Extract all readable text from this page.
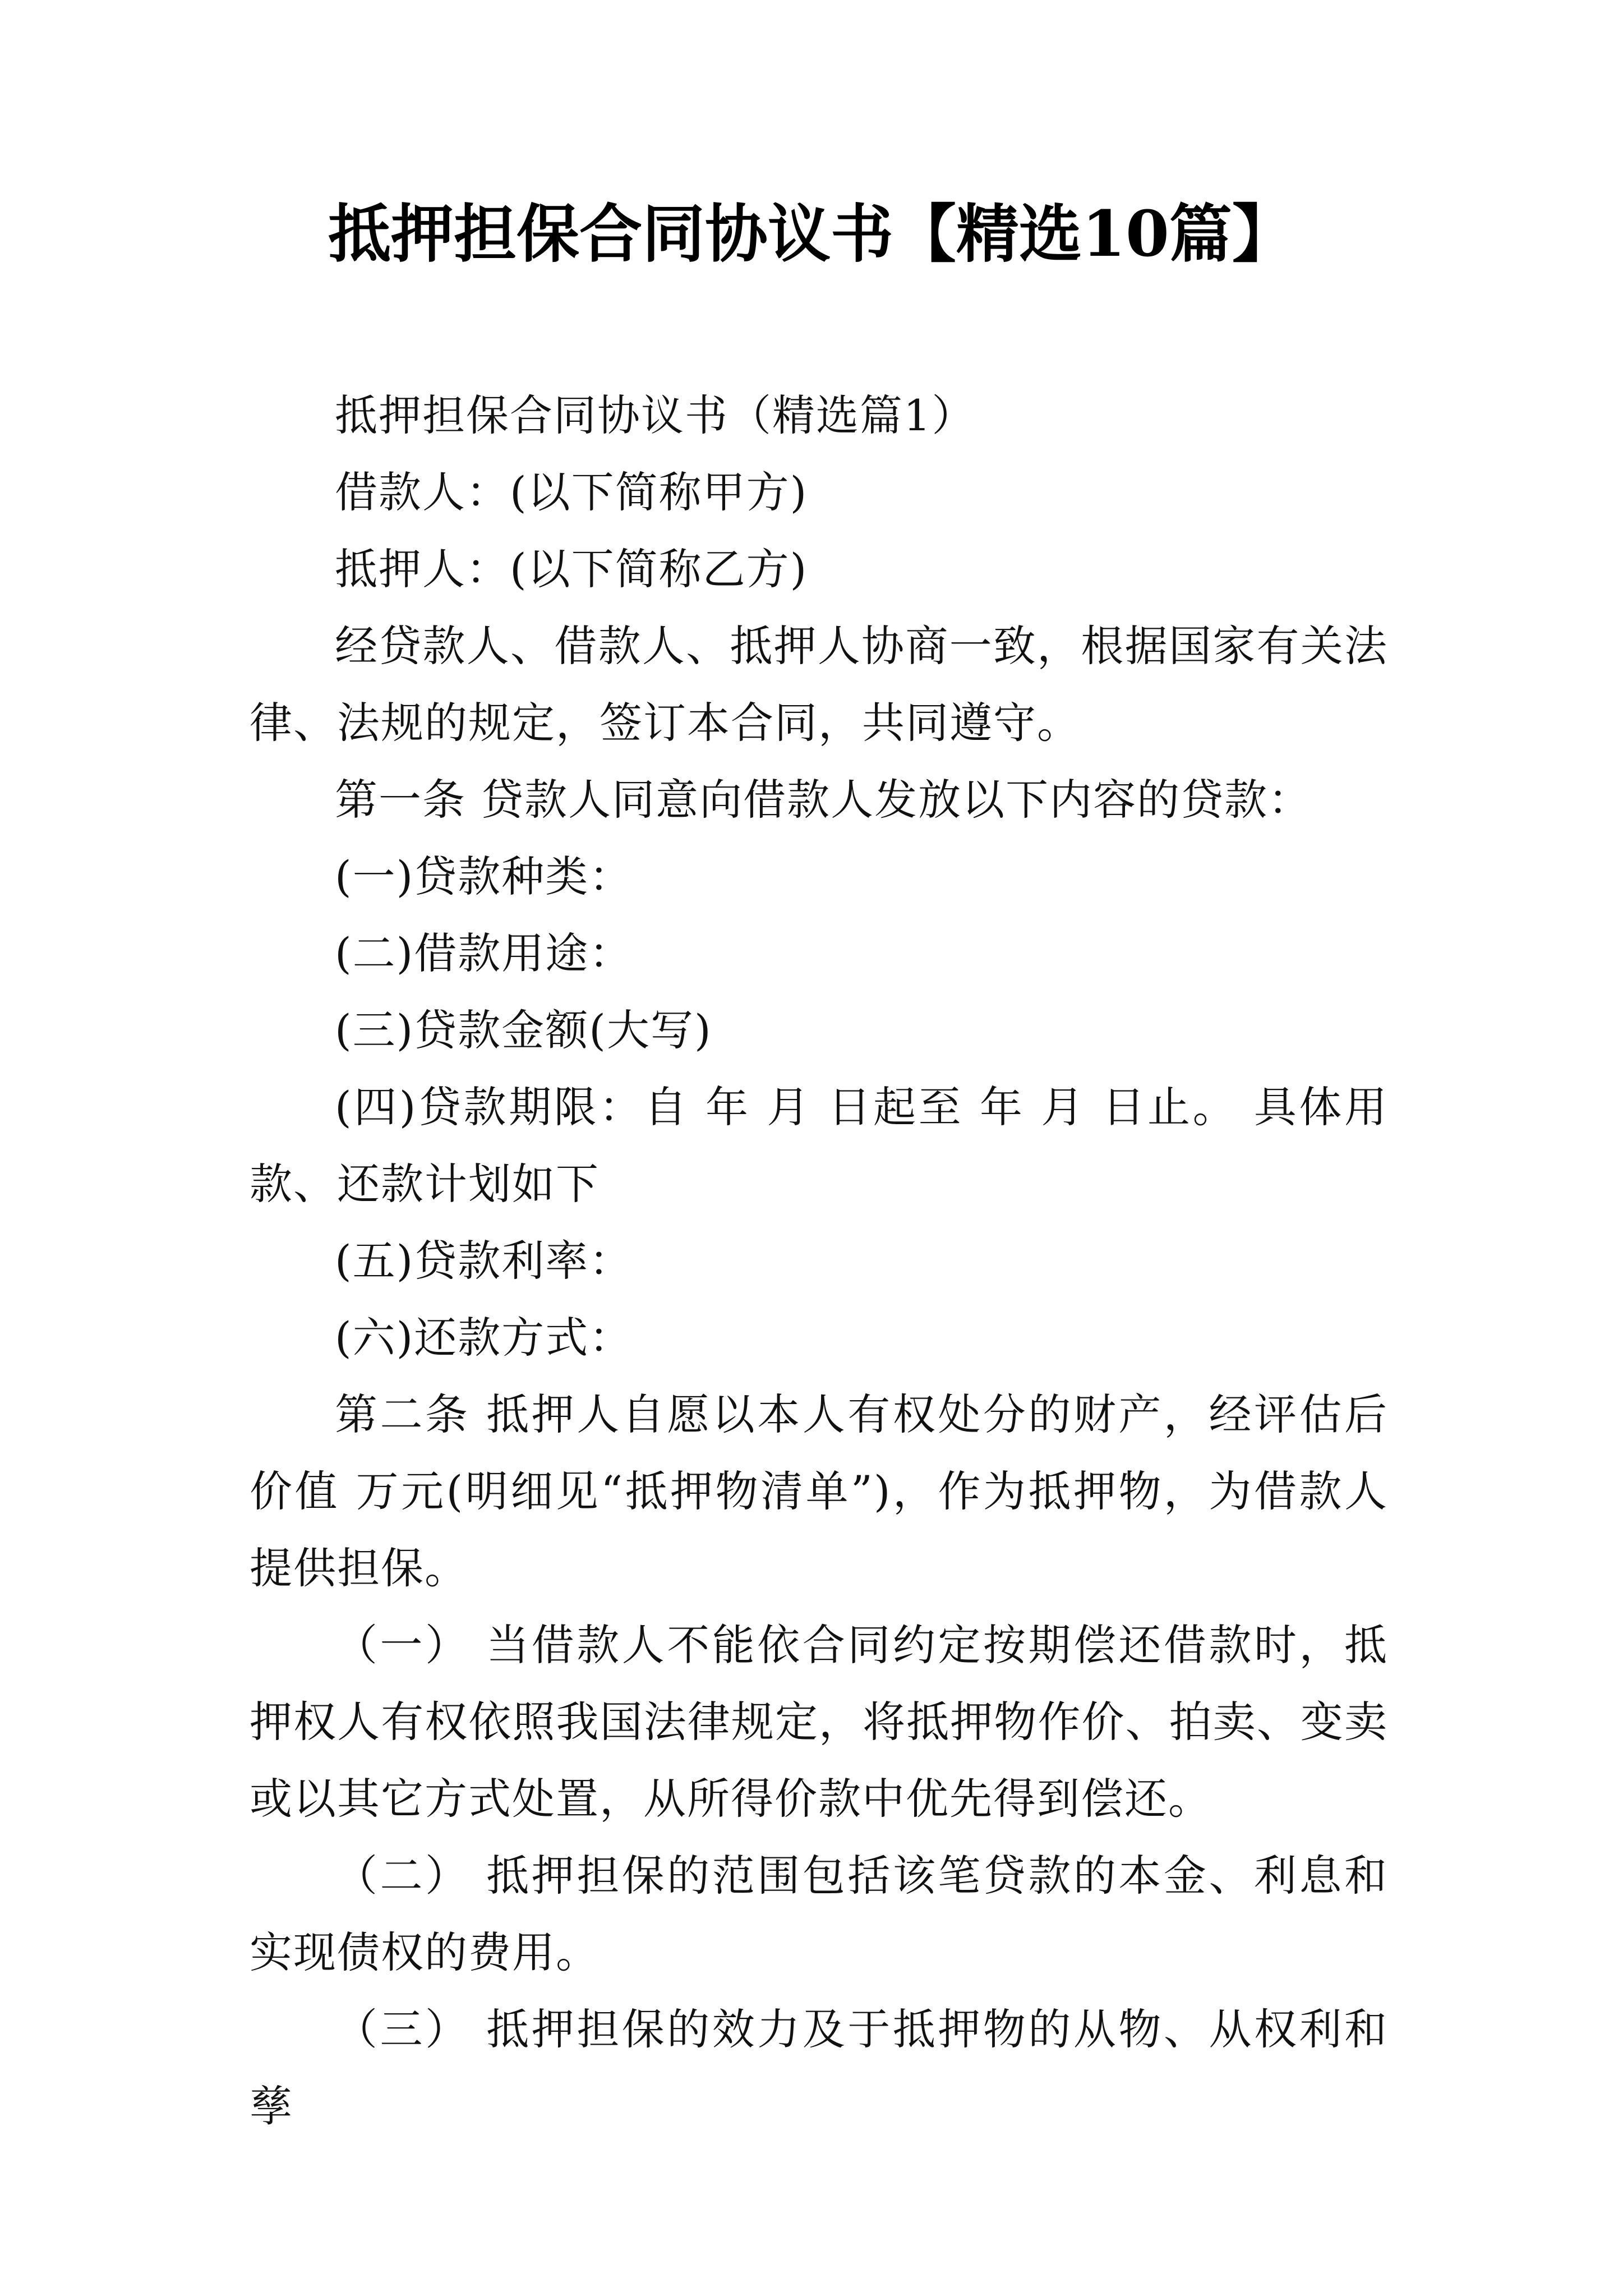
抵押担保合同协议书【精选10篇】

抵押担保合同协议书（精选篇1）

借款人：(以下简称甲方)

抵押人：(以下简称乙方)

经贷款人、借款人、抵押人协商一致，根据国家有关法律、法规的规定，签订本合同，共同遵守。

第一条 贷款人同意向借款人发放以下内容的贷款：

(一)贷款种类：

(二)借款用途：

(三)贷款金额(大写)

(四)贷款期限：自 年 月 日起至 年 月 日止。 具体用款、还款计划如下

(五)贷款利率：

(六)还款方式：

第二条 抵押人自愿以本人有权处分的财产，经评估后价值 万元(明细见“抵押物清单”)，作为抵押物，为借款人提供担保。

（一） 当借款人不能依合同约定按期偿还借款时，抵押权人有权依照我国法律规定，将抵押物作价、拍卖、变卖或以其它方式处置，从所得价款中优先得到偿还。

（二） 抵押担保的范围包括该笔贷款的本金、利息和实现债权的费用。

（三） 抵押担保的效力及于抵押物的从物、从权利和孳
